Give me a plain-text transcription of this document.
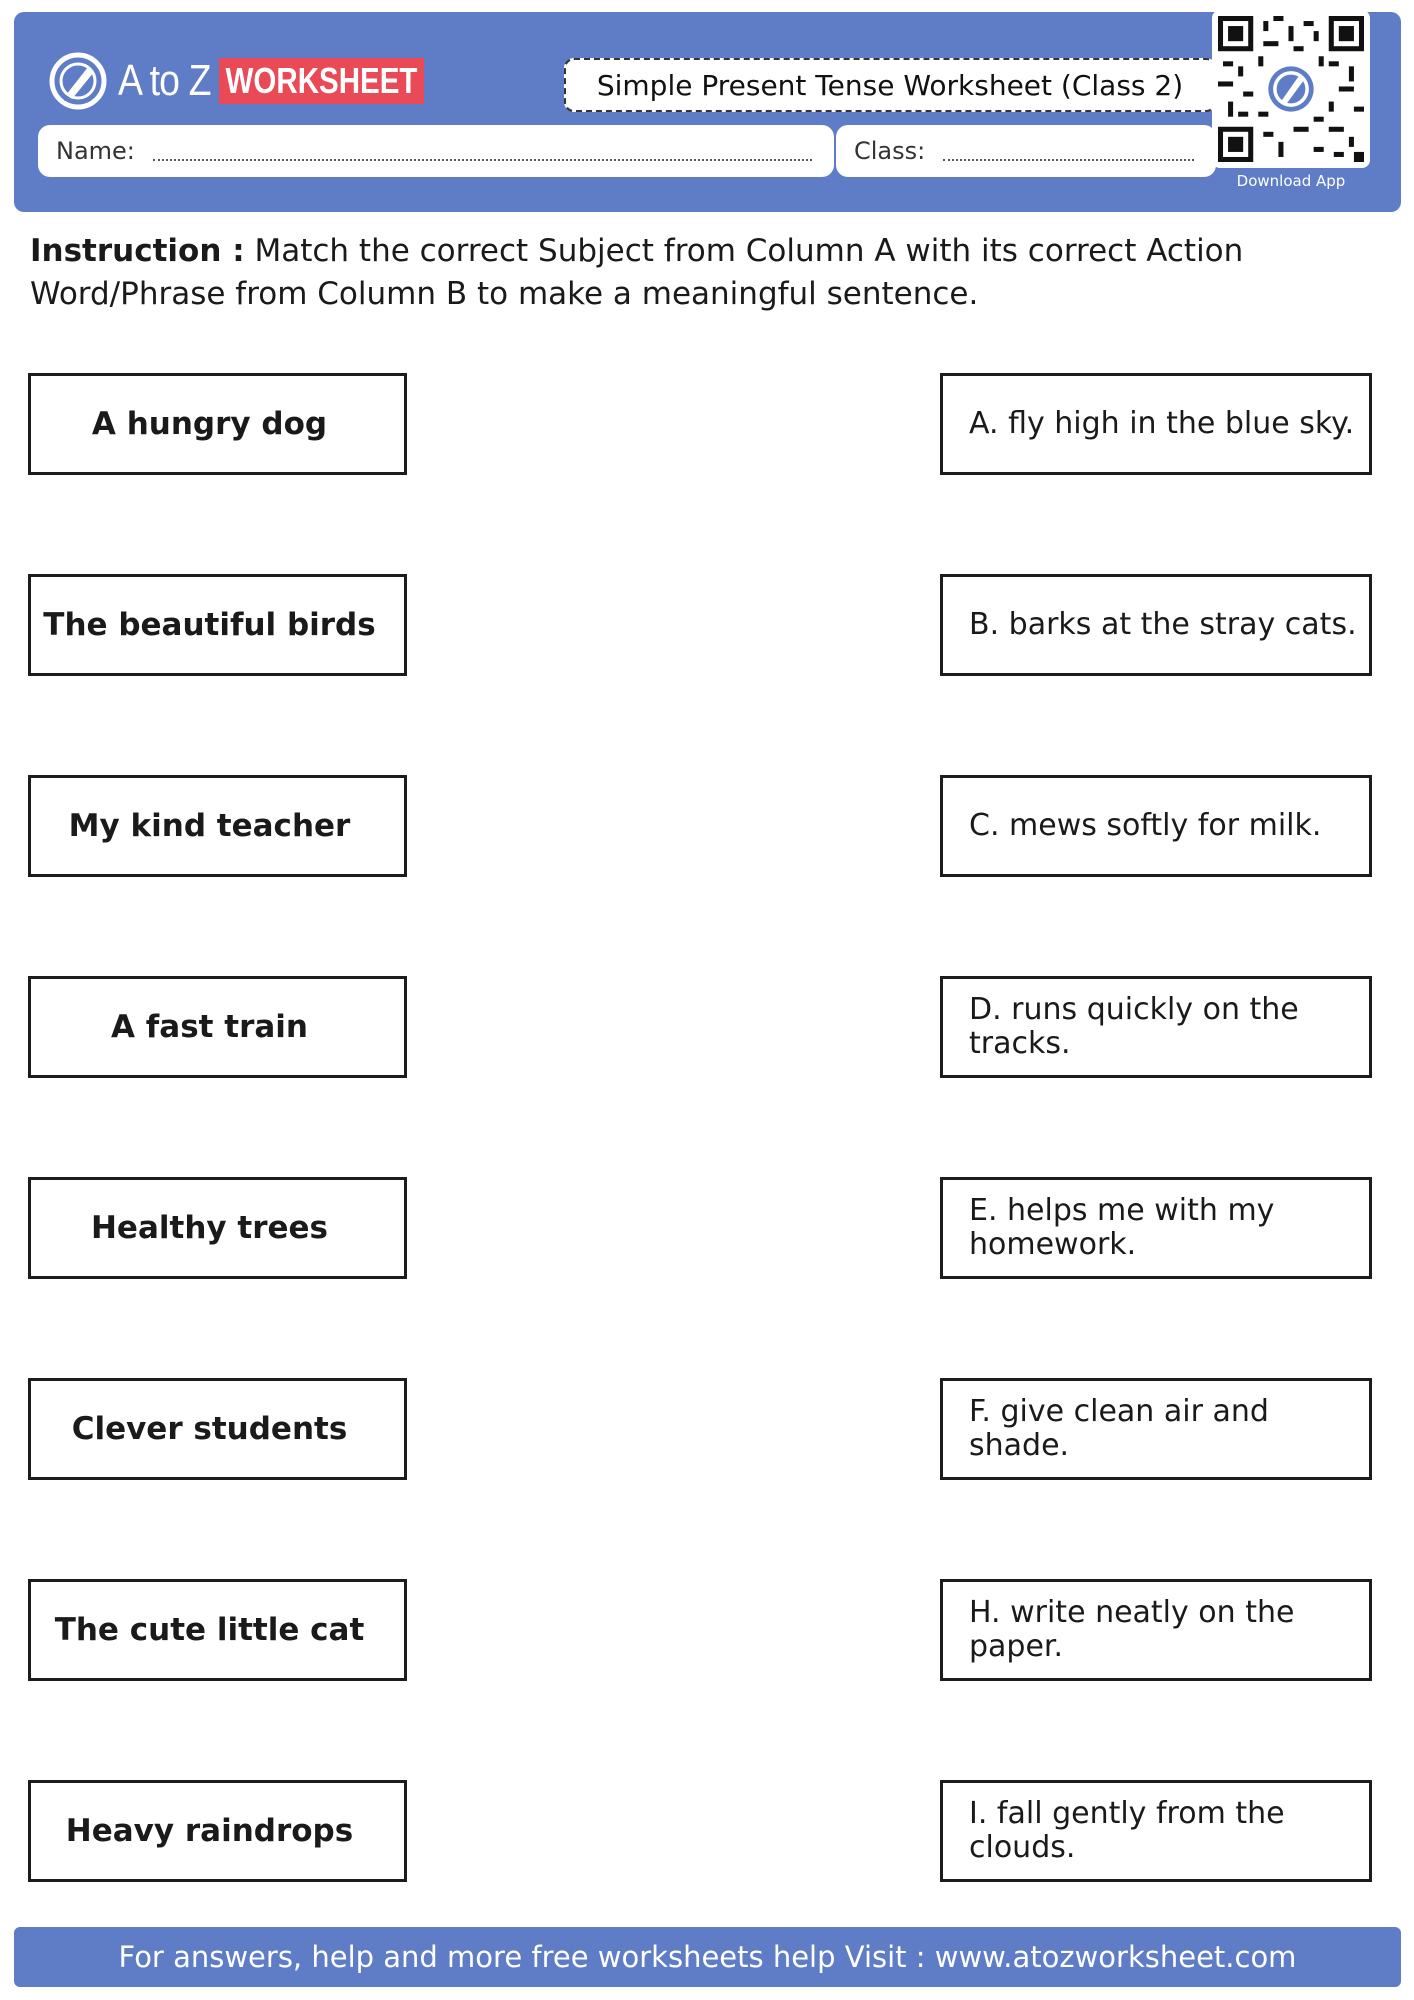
A to Z WORKSHEET	Simple Present Tense Worksheet (Class 2)
Name:	Class:
Download App
Instruction : Match the correct Subject from Column A with its correct Action Word/Phrase from Column B to make a meaningful sentence.
A hungry dog
The beautiful birds
My kind teacher
A fast train
Healthy trees
Clever students
The cute little cat
Heavy raindrops
A. fly high in the blue sky.
B. barks at the stray cats.
C. mews softly for milk.
D. runs quickly on the tracks.
E. helps me with my homework.
F. give clean air and shade.
H. write neatly on the paper.
I. fall gently from the clouds.
For answers, help and more free worksheets help Visit : www.atozworksheet.com
